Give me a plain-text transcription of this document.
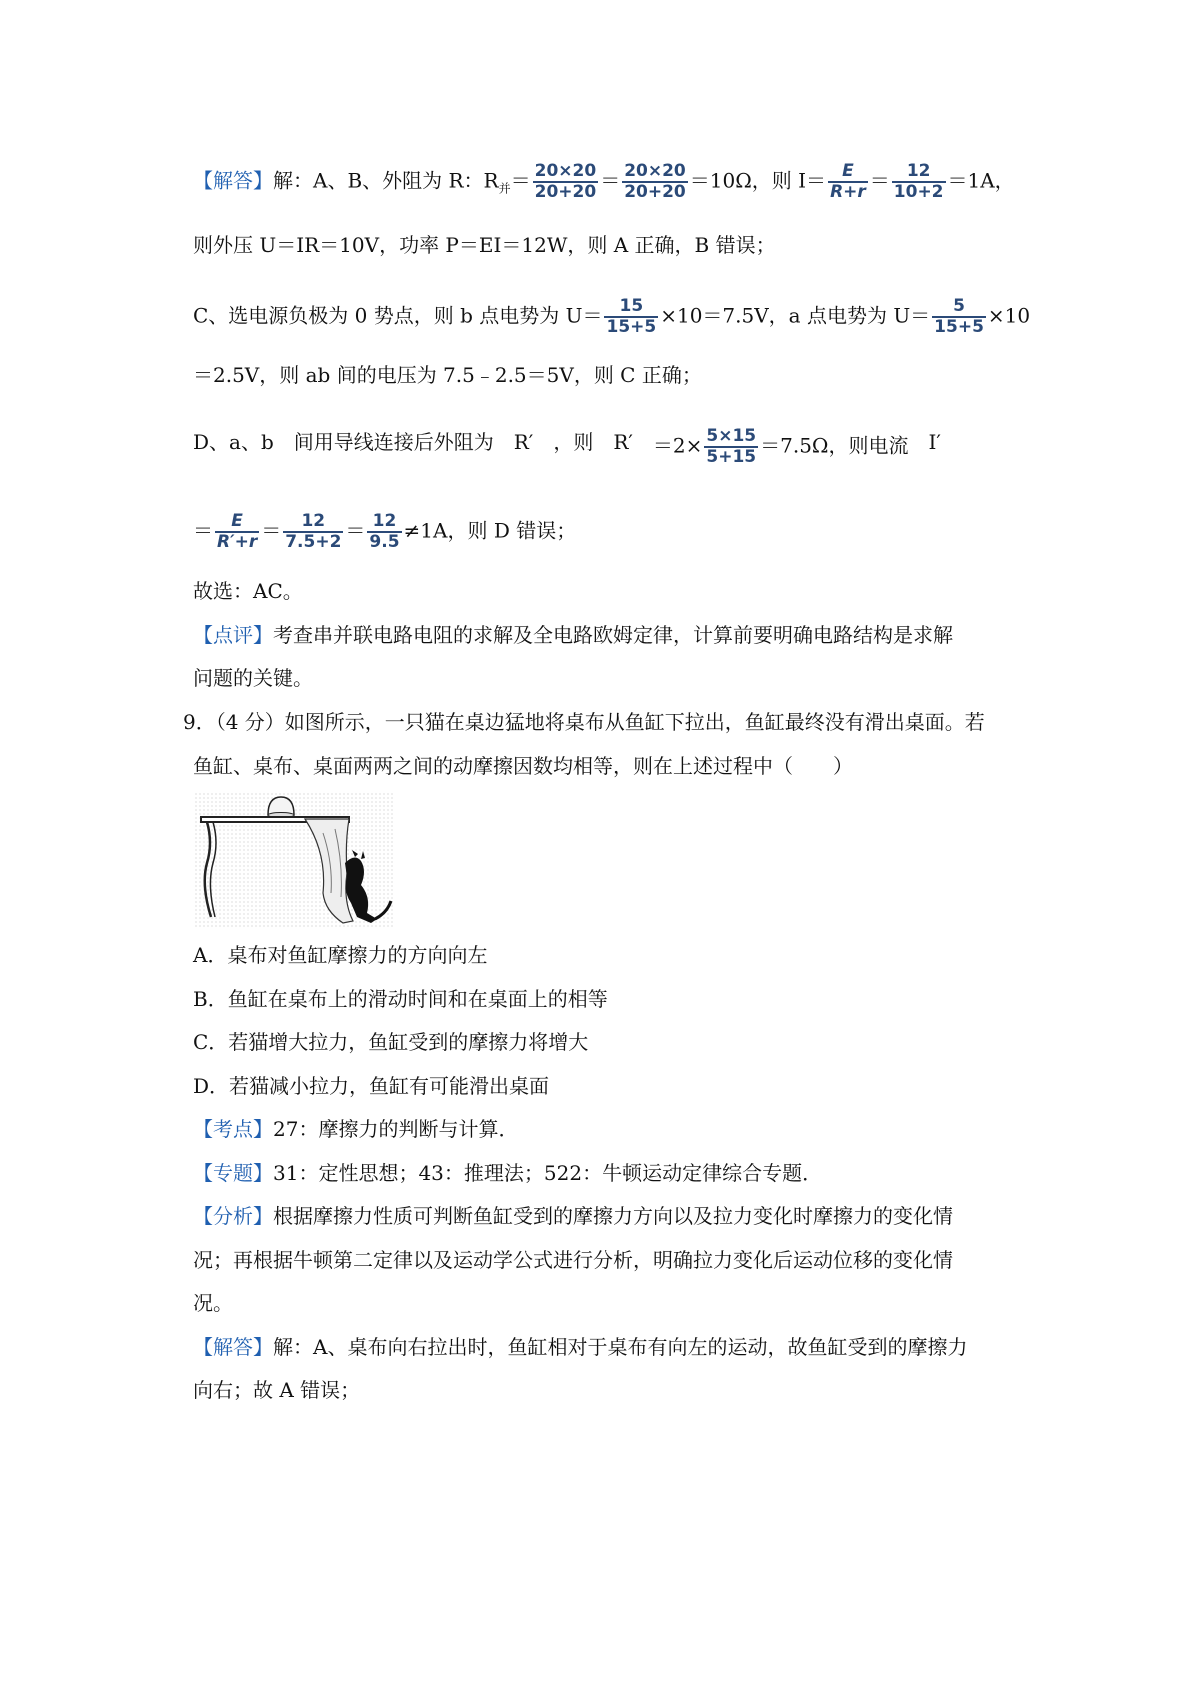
【解答】解：A、B、外阻为 R：$R_并= \frac{20\times 20}{20+20} = \frac{20\times 20}{20+20} =10\Omega$，则 $I= \frac{E}{R+r} = \frac{12}{10+2} =1A$，
则外压 U＝IR＝10V，功率 P＝EI＝12W，则 A 正确，B 错误；
C、选电源负极为 0 势点，则 b 点电势为 $U= \frac{15}{15+5} \times 10=7.5V$，a 点电势为 $U= \frac{5}{15+5} \times 10$
＝2.5V，则 ab 间的电压为 7.5﹣2.5＝5V，则 C 正确；
D、a、b 间用导线连接后外阻为 R′ ，则 $R' =2\times \frac{5\times 15}{5+15} =7.5\Omega$，则电流 I′
＝ $\frac{E}{R'+r} = \frac{12}{7.5+2} = \frac{12}{9.5} \ne 1A$，则 D 错误；
故选：AC。
【点评】考查串并联电路电阻的求解及全电路欧姆定律，计算前要明确电路结构是求解
问题的关键。
9．（4 分）如图所示，一只猫在桌边猛地将桌布从鱼缸下拉出，鱼缸最终没有滑出桌面。若
鱼缸、桌布、桌面两两之间的动摩擦因数均相等，则在上述过程中（　　）
A．桌布对鱼缸摩擦力的方向向左
B．鱼缸在桌布上的滑动时间和在桌面上的相等
C．若猫增大拉力，鱼缸受到的摩擦力将增大
D．若猫减小拉力，鱼缸有可能滑出桌面
【考点】27：摩擦力的判断与计算．
【专题】31：定性思想；43：推理法；522：牛顿运动定律综合专题．
【分析】根据摩擦力性质可判断鱼缸受到的摩擦力方向以及拉力变化时摩擦力的变化情
况；再根据牛顿第二定律以及运动学公式进行分析，明确拉力变化后运动位移的变化情
况。
【解答】解：A、桌布向右拉出时，鱼缸相对于桌布有向左的运动，故鱼缸受到的摩擦力
向右；故 A 错误；
